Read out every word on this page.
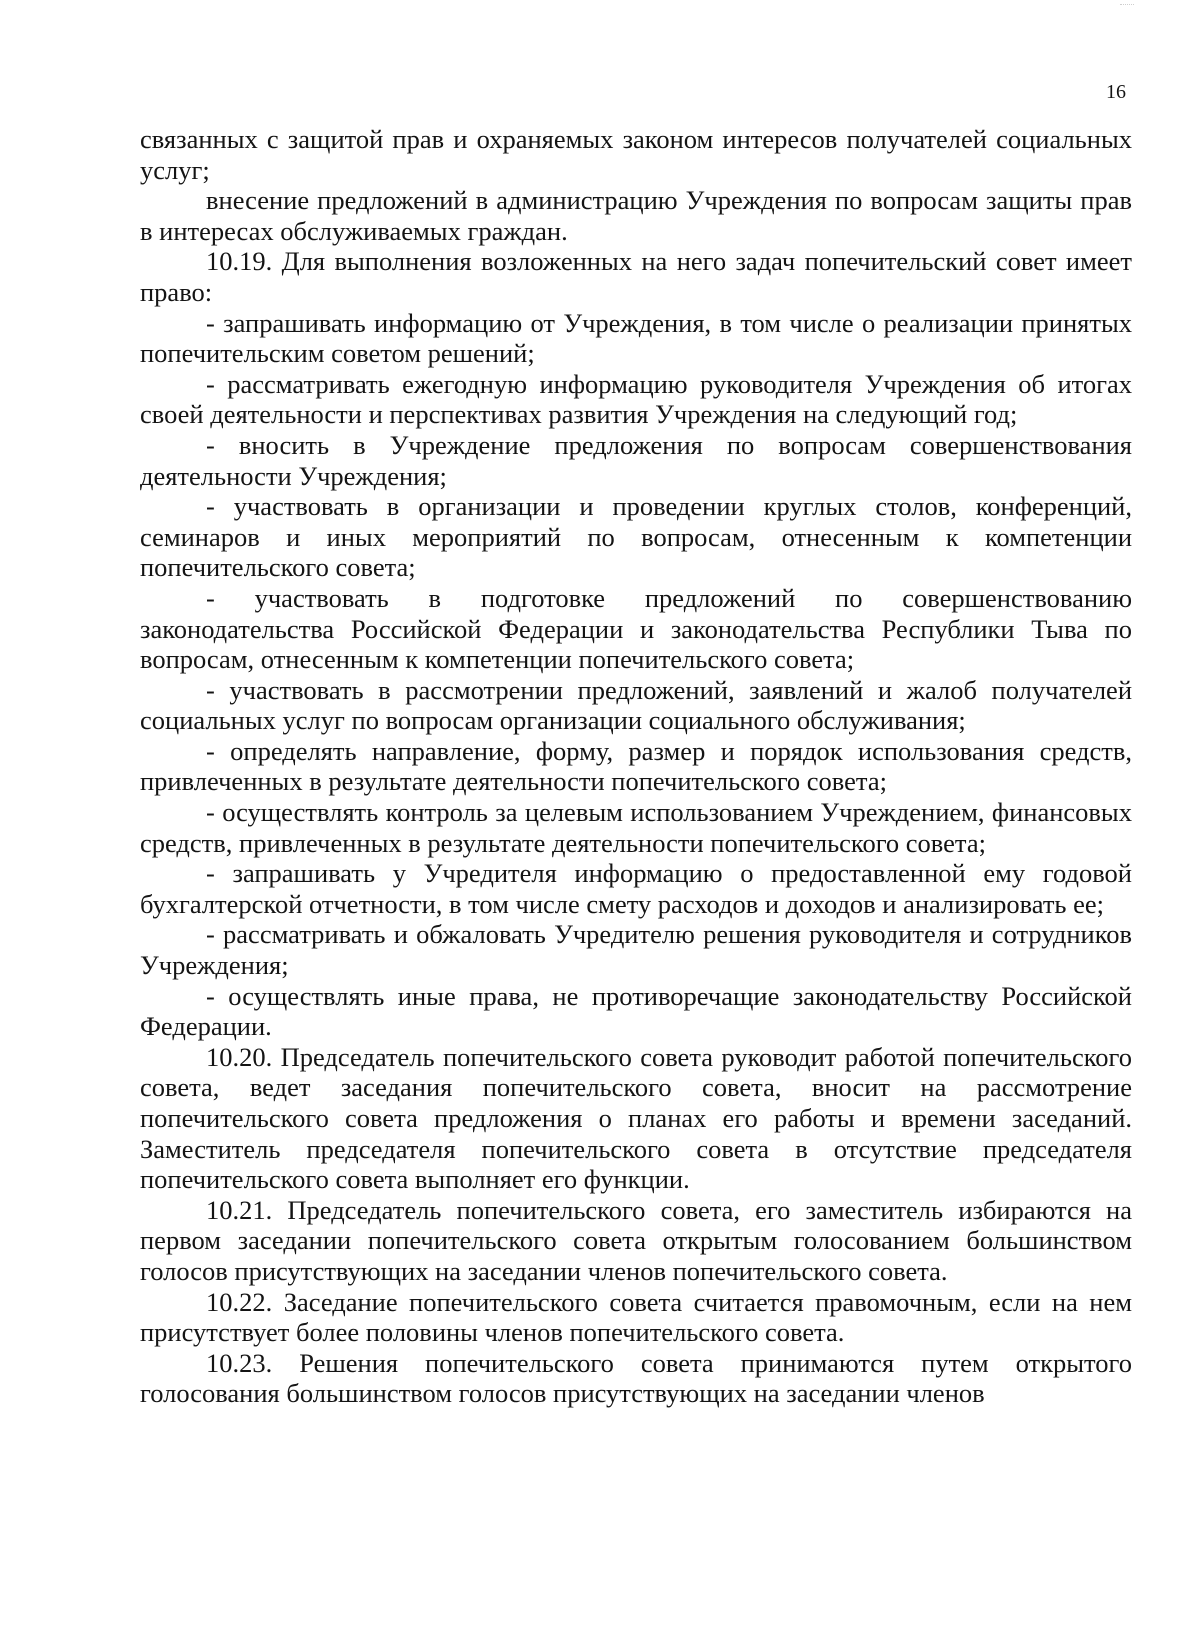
16

связанных с защитой прав и охраняемых законом интересов получателей социальных услуг;

внесение предложений в администрацию Учреждения по вопросам защиты прав в интересах обслуживаемых граждан.

10.19. Для выполнения возложенных на него задач попечительский совет имеет право:

- запрашивать информацию от Учреждения, в том числе о реализации принятых попечительским советом решений;

- рассматривать ежегодную информацию руководителя Учреждения об итогах своей деятельности и перспективах развития Учреждения на следующий год;

- вносить в Учреждение предложения по вопросам совершенствования деятельности Учреждения;

- участвовать в организации и проведении круглых столов, конференций, семинаров и иных мероприятий по вопросам, отнесенным к компетенции попечительского совета;

- участвовать в подготовке предложений по совершенствованию законодательства Российской Федерации и законодательства Республики Тыва по вопросам, отнесенным к компетенции попечительского совета;

- участвовать в рассмотрении предложений, заявлений и жалоб получателей социальных услуг по вопросам организации социального обслуживания;

- определять направление, форму, размер и порядок использования средств, привлеченных в результате деятельности попечительского совета;

- осуществлять контроль за целевым использованием Учреждением, финансовых средств, привлеченных в результате деятельности попечительского совета;

- запрашивать у Учредителя информацию о предоставленной ему годовой бухгалтерской отчетности, в том числе смету расходов и доходов и анализировать ее;

- рассматривать и обжаловать Учредителю решения руководителя и сотрудников Учреждения;

- осуществлять иные права, не противоречащие законодательству Российской Федерации.

10.20. Председатель попечительского совета руководит работой попечительского совета, ведет заседания попечительского совета, вносит на рассмотрение попечительского совета предложения о планах его работы и времени заседаний. Заместитель председателя попечительского совета в отсутствие председателя попечительского совета выполняет его функции.

10.21. Председатель попечительского совета, его заместитель избираются на первом заседании попечительского совета открытым голосованием большинством голосов присутствующих на заседании членов попечительского совета.

10.22. Заседание попечительского совета считается правомочным, если на нем присутствует более половины членов попечительского совета.

10.23. Решения попечительского совета принимаются путем открытого голосования большинством голосов присутствующих на заседании членов
